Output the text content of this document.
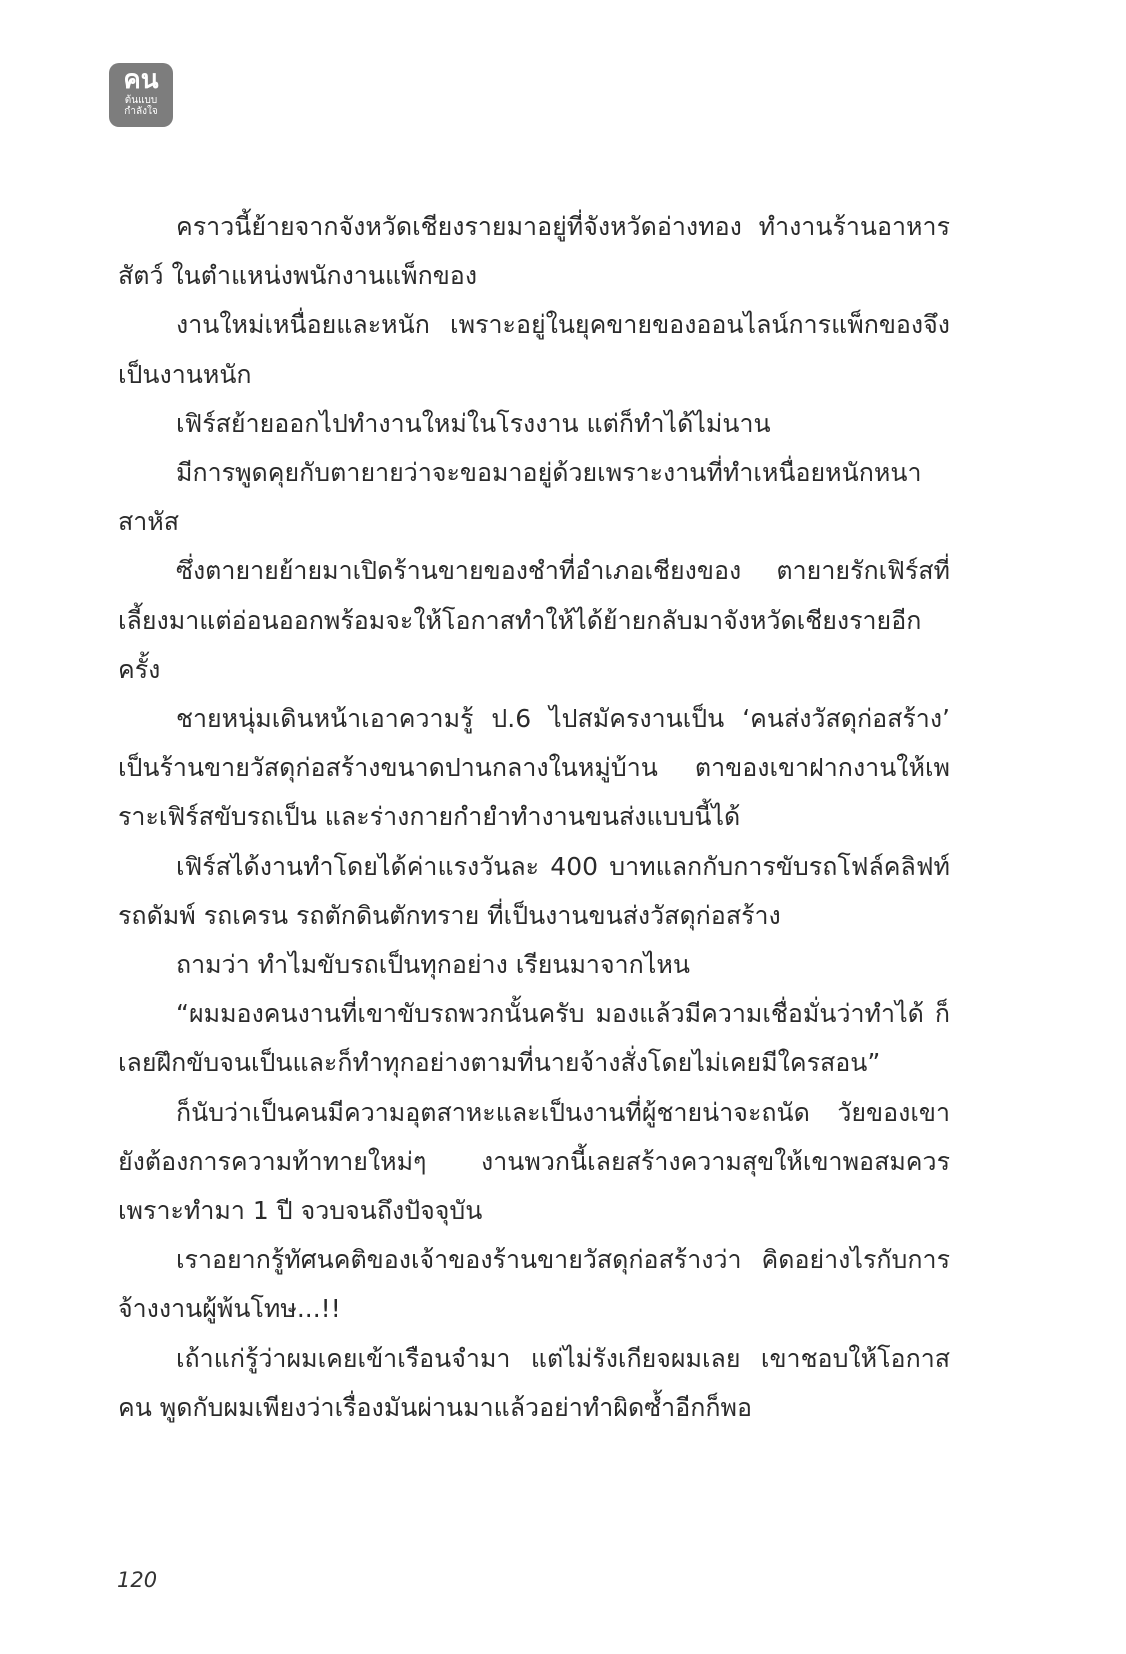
คน
ต้นแบบ
กำลังใจ

คราวนี้ย้ายจากจังหวัดเชียงรายมาอยู่ที่จังหวัดอ่างทอง ทำงานร้านอาหารสัตว์ ในตำแหน่งพนักงานแพ็กของ

งานใหม่เหนื่อยและหนัก เพราะอยู่ในยุคขายของออนไลน์การแพ็กของจึงเป็นงานหนัก

เฟิร์สย้ายออกไปทำงานใหม่ในโรงงาน แต่ก็ทำได้ไม่นาน

มีการพูดคุยกับตายายว่าจะขอมาอยู่ด้วยเพราะงานที่ทำเหนื่อยหนักหนาสาหัส

ซึ่งตายายย้ายมาเปิดร้านขายของชำที่อำเภอเชียงของ ตายายรักเฟิร์สที่เลี้ยงมาแต่อ่อนออกพร้อมจะให้โอกาสทำให้ได้ย้ายกลับมาจังหวัดเชียงรายอีกครั้ง

ชายหนุ่มเดินหน้าเอาความรู้ ป.6 ไปสมัครงานเป็น ‘คนส่งวัสดุก่อสร้าง’ เป็นร้านขายวัสดุก่อสร้างขนาดปานกลางในหมู่บ้าน ตาของเขาฝากงานให้เพราะเฟิร์สขับรถเป็น และร่างกายกำยำทำงานขนส่งแบบนี้ได้

เฟิร์สได้งานทำโดยได้ค่าแรงวันละ 400 บาทแลกกับการขับรถโฟล์คลิฟท์ รถดัมพ์ รถเครน รถตักดินตักทราย ที่เป็นงานขนส่งวัสดุก่อสร้าง

ถามว่า ทำไมขับรถเป็นทุกอย่าง เรียนมาจากไหน

“ผมมองคนงานที่เขาขับรถพวกนั้นครับ มองแล้วมีความเชื่อมั่นว่าทำได้ ก็เลยฝึกขับจนเป็นและก็ทำทุกอย่างตามที่นายจ้างสั่งโดยไม่เคยมีใครสอน”

ก็นับว่าเป็นคนมีความอุตสาหะและเป็นงานที่ผู้ชายน่าจะถนัด วัยของเขายังต้องการความท้าทายใหม่ๆ งานพวกนี้เลยสร้างความสุขให้เขาพอสมควรเพราะทำมา 1 ปี จวบจนถึงปัจจุบัน

เราอยากรู้ทัศนคติของเจ้าของร้านขายวัสดุก่อสร้างว่า คิดอย่างไรกับการจ้างงานผู้พ้นโทษ...!!

เถ้าแก่รู้ว่าผมเคยเข้าเรือนจำมา แต่ไม่รังเกียจผมเลย เขาชอบให้โอกาสคน พูดกับผมเพียงว่าเรื่องมันผ่านมาแล้วอย่าทำผิดซ้ำอีกก็พอ

120
